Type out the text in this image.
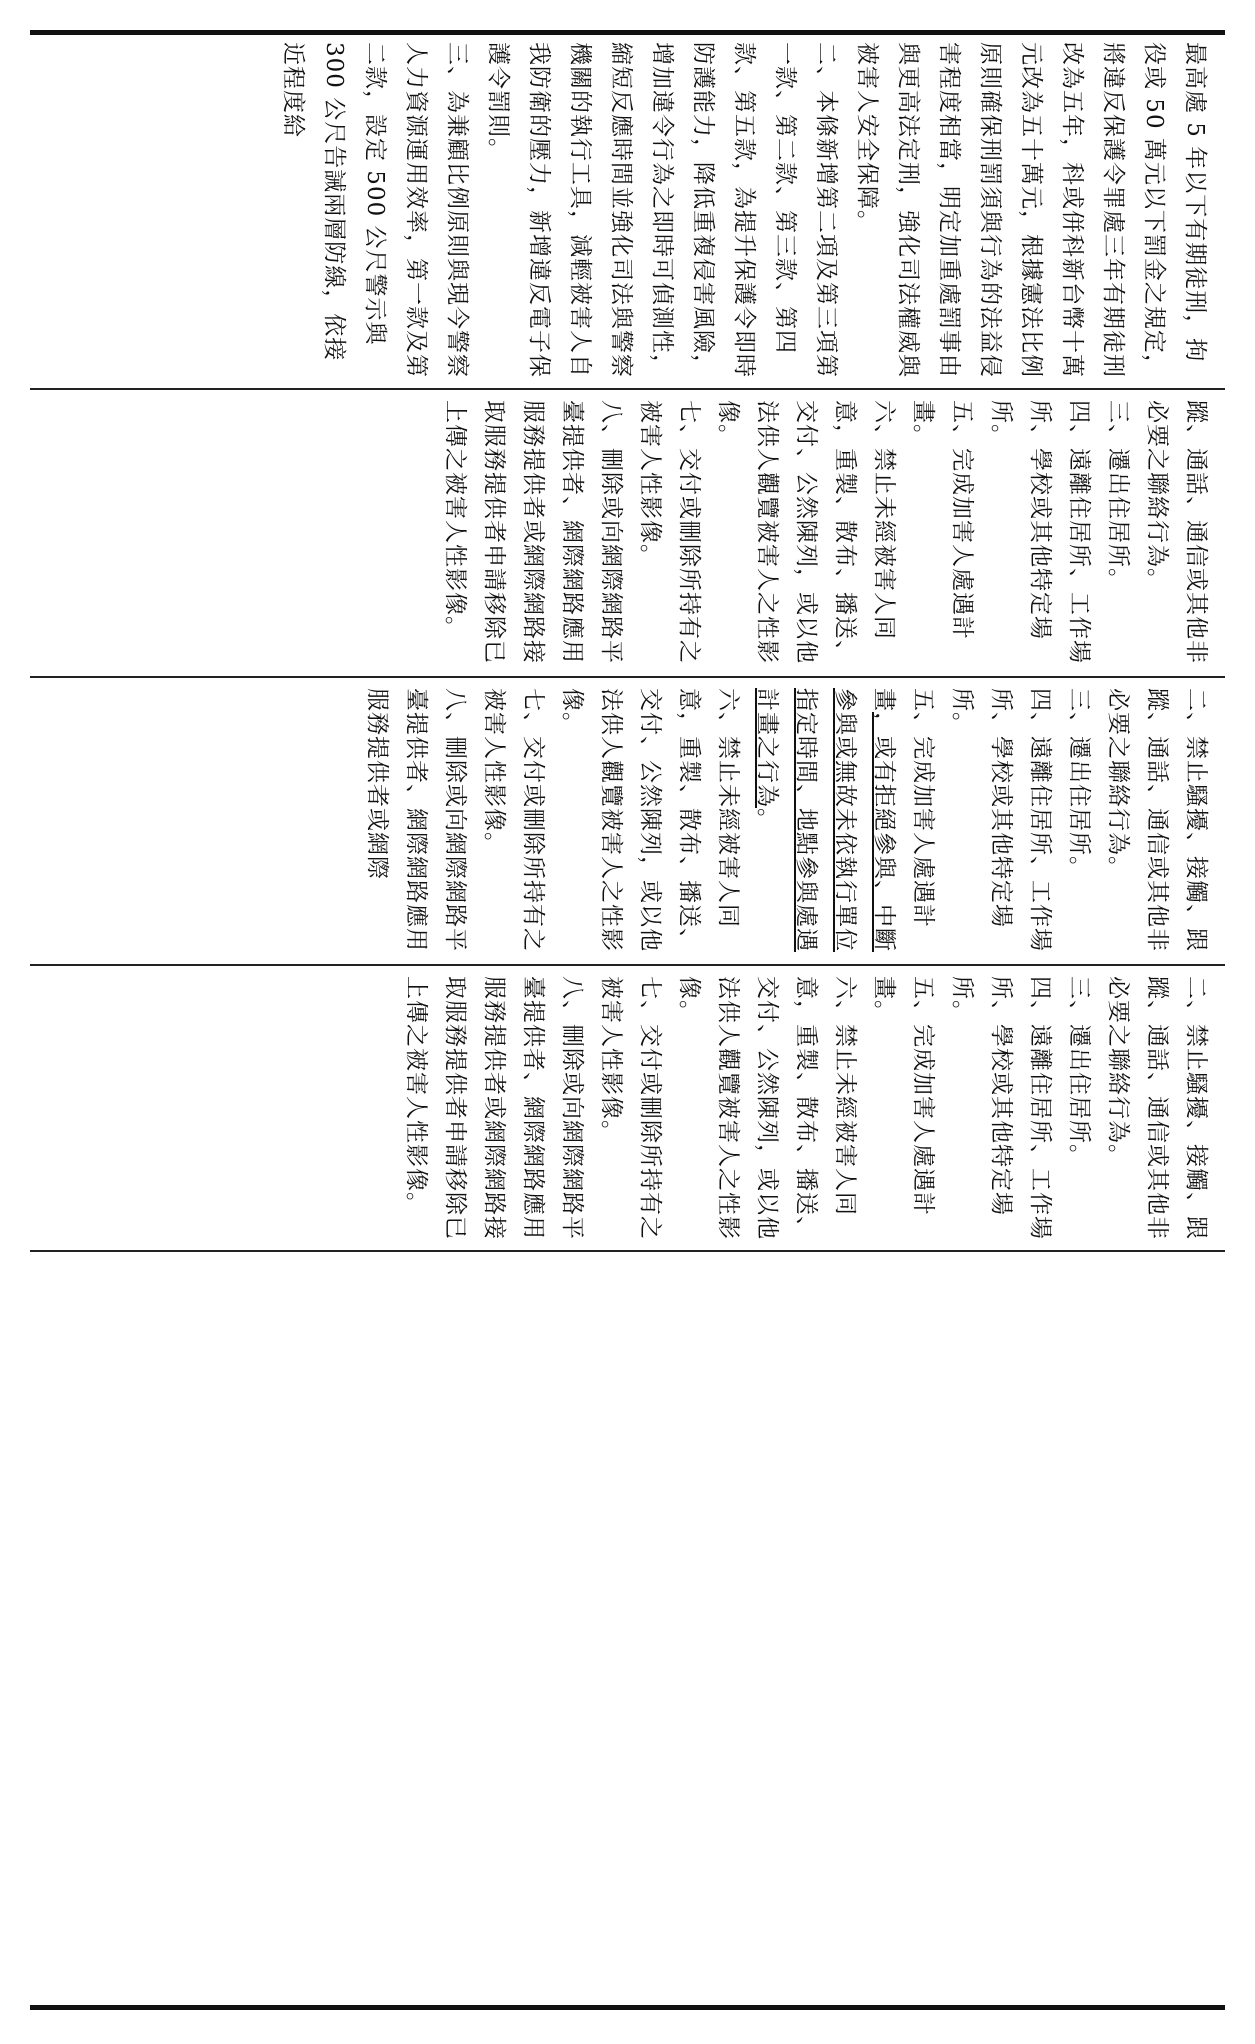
最高處 5 年以下有期徒刑，拘役或 50 萬元以下罰金之規定，將違反保護令罪處三年有期徒刑改為五年，科或併科新台幣十萬元改為五十萬元，根據憲法比例原則確保刑罰須與行為的法益侵害程度相當，明定加重處罰事由與更高法定刑，強化司法權威與被害人安全保障。

二、本條新增第二項及第三項第一款、第二款、第三款、第四款、第五款，為提升保護令即時防護能力，降低重複侵害風險，增加違令行為之即時可偵測性，縮短反應時間並強化司法與警察機關的執行工具，減輕被害人自我防衛的壓力，新增違反電子保護令罰則。

三、為兼顧比例原則與現今警察人力資源運用效率，第一款及第二款，設定 500 公尺警示與 300 公尺告誡兩層防線，依接近程度給

蹤、通話、通信或其他非必要之聯絡行為。

三、遷出住居所。

四、遠離住居所、工作場所、學校或其他特定場所。

五、完成加害人處遇計畫。

六、禁止未經被害人同意，重製、散布、播送、交付、公然陳列，或以他法供人觀覽被害人之性影像。

七、交付或刪除所持有之被害人性影像。

八、刪除或向網際網路平臺提供者、網際網路應用服務提供者或網際網路接取服務提供者申請移除已上傳之被害人性影像。

二、禁止騷擾、接觸、跟蹤、通話、通信或其他非必要之聯絡行為。

三、遷出住居所。

四、遠離住居所、工作場所、學校或其他特定場所。

五、完成加害人處遇計畫，或有拒絕參與、中斷參與或無故未依執行單位指定時間、地點參與處遇計畫之行為。

六、禁止未經被害人同意，重製、散布、播送、交付、公然陳列，或以他法供人觀覽被害人之性影像。

七、交付或刪除所持有之被害人性影像。

八、刪除或向網際網路平臺提供者、網際網路應用服務提供者或網際

二、禁止騷擾、接觸、跟蹤、通話、通信或其他非必要之聯絡行為。

三、遷出住居所。

四、遠離住居所、工作場所、學校或其他特定場所。

五、完成加害人處遇計畫。

六、禁止未經被害人同意，重製、散布、播送、交付、公然陳列，或以他法供人觀覽被害人之性影像。

七、交付或刪除所持有之被害人性影像。

八、刪除或向網際網路平臺提供者、網際網路應用服務提供者或網際網路接取服務提供者申請移除已上傳之被害人性影像。
